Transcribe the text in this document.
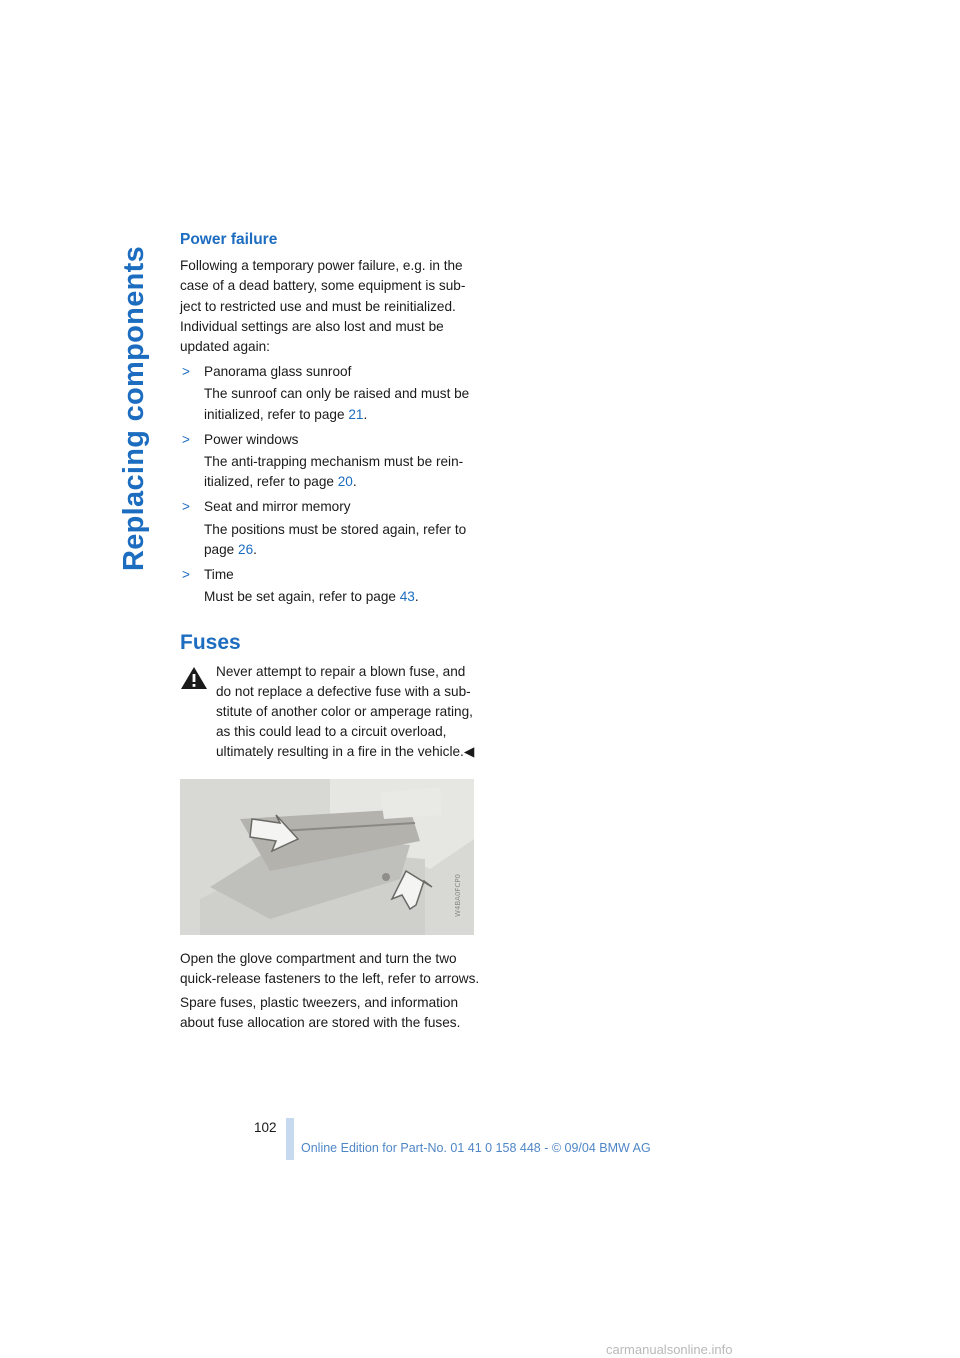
Replacing components
Power failure

Following a temporary power failure, e.g. in the case of a dead battery, some equipment is sub-ject to restricted use and must be reinitialized. Individual settings are also lost and must be updated again:

> Panorama glass sunroof
The sunroof can only be raised and must be initialized, refer to page 21.
> Power windows
The anti-trapping mechanism must be rein-itialized, refer to page 20.
> Seat and mirror memory
The positions must be stored again, refer to page 26.
> Time
Must be set again, refer to page 43.
Fuses

Never attempt to repair a blown fuse, and do not replace a defective fuse with a sub-stitute of another color or amperage rating, as this could lead to a circuit overload, ultimately resulting in a fire in the vehicle.◀

W4BA0FCP0

Open the glove compartment and turn the two quick-release fasteners to the left, refer to arrows.

Spare fuses, plastic tweezers, and information about fuse allocation are stored with the fuses.

102
Online Edition for Part-No. 01 41 0 158 448 - © 09/04 BMW AG
carmanualsonline.info
